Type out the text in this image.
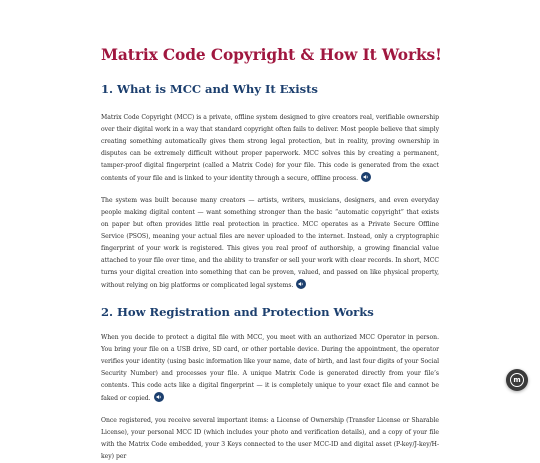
Matrix Code Copyright & How It Works!
1. What is MCC and Why It Exists

Matrix Code Copyright (MCC) is a private, offline system designed to give creators real, verifiable ownership over their digital work in a way that standard copyright often fails to deliver. Most people believe that simply creating something automatically gives them strong legal protection, but in reality, proving ownership in disputes can be extremely difficult without proper paperwork. MCC solves this by creating a permanent, tamper-proof digital fingerprint (called a Matrix Code) for your file. This code is generated from the exact contents of your file and is linked to your identity through a secure, offline process.

The system was built because many creators — artists, writers, musicians, designers, and even everyday people making digital content — want something stronger than the basic “automatic copyright” that exists on paper but often provides little real protection in practice. MCC operates as a Private Secure Offline Service (PSOS), meaning your actual files are never uploaded to the internet. Instead, only a cryptographic fingerprint of your work is registered. This gives you real proof of authorship, a growing financial value attached to your file over time, and the ability to transfer or sell your work with clear records. In short, MCC turns your digital creation into something that can be proven, valued, and passed on like physical property, without relying on big platforms or complicated legal systems.

2. How Registration and Protection Works

When you decide to protect a digital file with MCC, you meet with an authorized MCC Operator in person. You bring your file on a USB drive, SD card, or other portable device. During the appointment, the operator verifies your identity (using basic information like your name, date of birth, and last four digits of your Social Security Number) and processes your file. A unique Matrix Code is generated directly from your file’s contents. This code acts like a digital fingerprint — it is completely unique to your exact file and cannot be faked or copied.

Once registered, you receive several important items: a License of Ownership (Transfer License or Sharable License), your personal MCC ID (which includes your photo and verification details), and a copy of your file with the Matrix Code embedded, your 3 Keys connected to the user MCC-ID and digital asset (P-key/J-key/H-key) per

m
